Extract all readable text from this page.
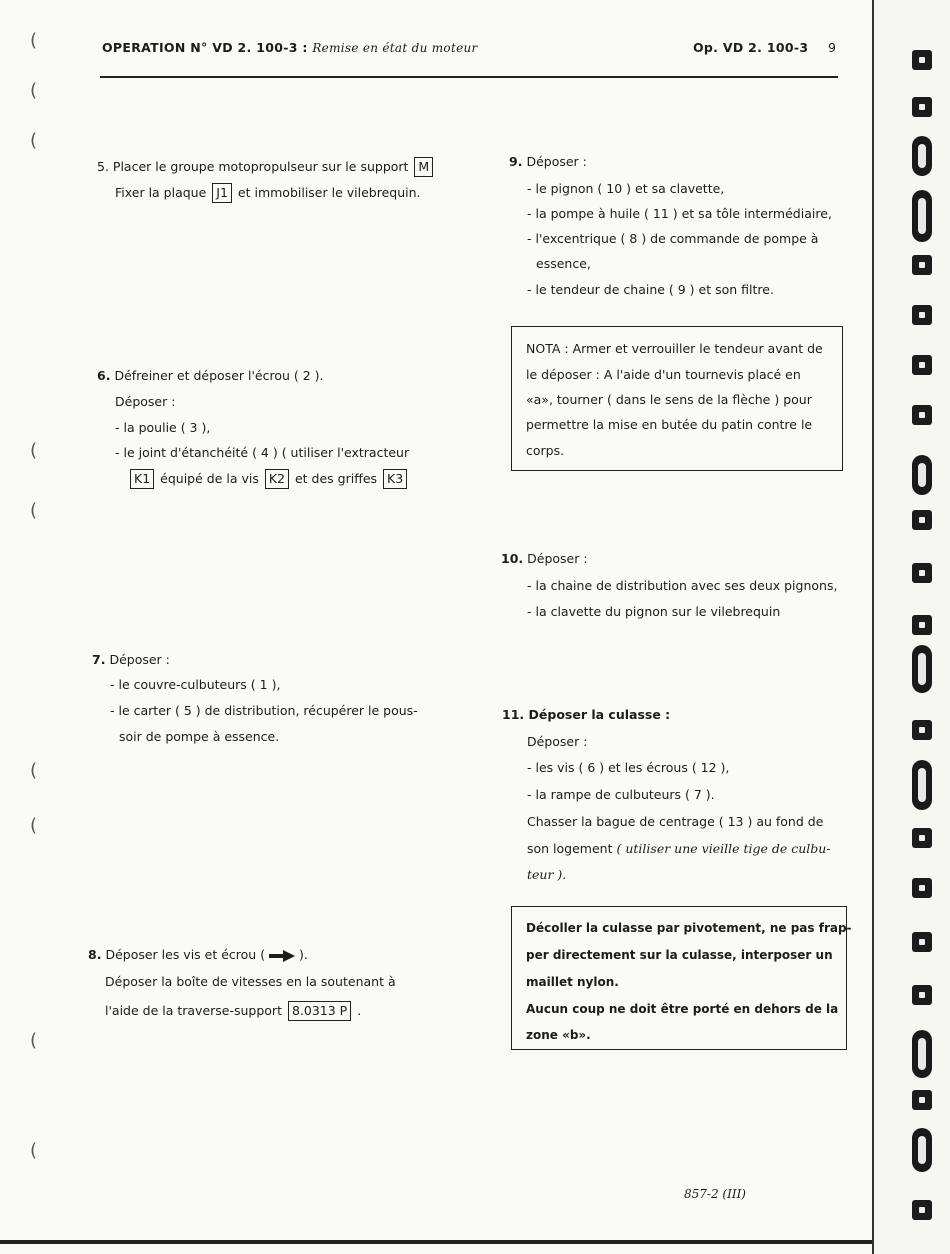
OPERATION N° VD 2. 100-3 : Remise en état du moteur	Op. VD 2. 100-3 9
5. Placer le groupe motopropulseur sur le support M
Fixer la plaque J1 et immobiliser le vilebrequin.
6. Défreiner et déposer l'écrou ( 2 ).
Déposer :
- la poulie ( 3 ),
- le joint d'étanchéité ( 4 ) ( utiliser l'extracteur
K1 équipé de la vis K2 et des griffes K3
7. Déposer :
- le couvre-culbuteurs ( 1 ),
- le carter ( 5 ) de distribution, récupérer le pous-
soir de pompe à essence.
8. Déposer les vis et écrou (	).
Déposer la boîte de vitesses en la soutenant à
l'aide de la traverse-support 8.0313 P .
9. Déposer :
- le pignon ( 10 ) et sa clavette,
- la pompe à huile ( 11 ) et sa tôle intermédiaire,
- l'excentrique ( 8 ) de commande de pompe à
essence,
- le tendeur de chaine ( 9 ) et son filtre.
NOTA : Armer et verrouiller le tendeur avant de
le déposer : A l'aide d'un tournevis placé en
«a», tourner ( dans le sens de la flèche ) pour
permettre la mise en butée du patin contre le
corps.
10. Déposer :
- la chaine de distribution avec ses deux pignons,
- la clavette du pignon sur le vilebrequin
11. Déposer la culasse :
Déposer :
- les vis ( 6 ) et les écrous ( 12 ),
- la rampe de culbuteurs ( 7 ).
Chasser la bague de centrage ( 13 ) au fond de
son logement ( utiliser une vieille tige de culbu-
teur ).
Décoller la culasse par pivotement, ne pas frap-
per directement sur la culasse, interposer un
maillet nylon.
Aucun coup ne doit être porté en dehors de la
zone «b».
857-2 (III)
(
(
(
(
(
(
(
(
(
